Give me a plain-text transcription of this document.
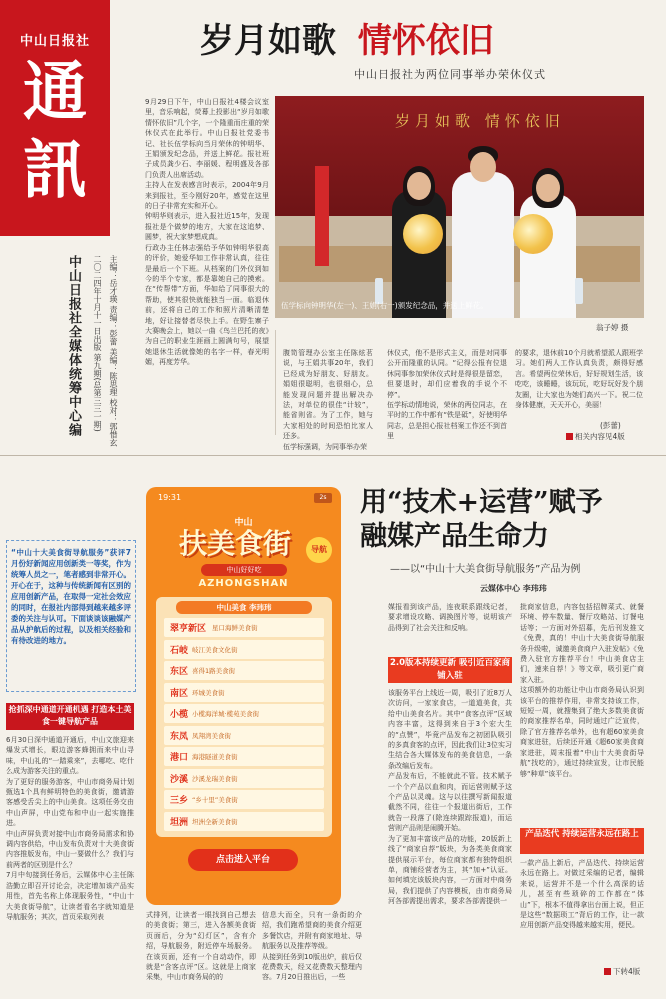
中山日报社
通訊
中山日报社全媒体统筹中心编 二〇二四年十月十一日出版 第九期(总第三三一期) 主编：岳才瑛 责编：彭蕾 美编：陈思理 校对：郭惜玄
岁月如歌 情怀依旧
中山日报社为两位同事举办荣休仪式
9月29日下午，中山日报社4楼会议室里，音乐响起，荧幕上投影出“岁月如歌 情怀依旧”几个字，一个隆重而庄重的荣休仪式在此举行。中山日报社党委书记、社长伍学标向当月荣休的钟明华、王娟颁发纪念品，并送上鲜花。报社班子成员龚少石、李丽媛、程明盛及各部门负责人出席活动。
主持人在发表感言时表示，2004年9月来到报社，至今刚好20年，感觉在这里的日子非常充实和开心。
钟明华则表示，进入报社近15年，发现报社是个做梦的地方，大家在这追梦、圆梦，祝大家梦想成真。
行政办主任林志强给予华如钟明华很高的评价，她爱华如工作非常认真，往往是最后一个下班。从档案的门外仪到如今的半个专家，都是靠她自己的摸索。在“传帮带”方面，华如给了同事很大的帮助，使其很快就能独当一面。临退休前，还将自己的工作和照片清晰清楚地，好让接替者尽快上手。在野生寨子大赛晚会上，她以一曲《鸟兰巴托的夜》为自己的职业生涯画上圆满句号，展望她退休生活就像她的名字一样，春光明媚，再度芳华。
腹笥管理办公室主任陈炫茗说，与王娟共事20年，我们已经成为好朋友、好朋友。娟姐很聪明，也很细心，总能发现问题并提出解决办法，对单位的很佳“计较”，能省则省。为了工作，她与大家相处的时间恐怕比家人还多。
伍学标强调，为同事举办荣
休仪式，他不是形式主义，而是对同事公开而隆重的认同。“记得公报有位退休同事参加荣休仪式时是得很是留恋，但要退时，却们应着我的手说个不停”。
伍学标动情地说，荣休的两位同志，在平时的工作中都有“铁是砥”，好使明华同志，总是担心报社档案工作还不到首里
的要求，退休前10个月就希望派人跟班学习。她们两人工作认真负责，颇得好感言。希望两位荣休后，好好规划生活，该吃吃，该睡睡，该玩玩，吃好玩好发个朋友圈，让大家也为她们高兴一下。祝二位身体健康，天天开心，美丽！
(彭蕾)
相关内容见4版
岁月如歌 情怀依旧
伍学标向钟明华(左一)、王娟(右一)颁发纪念品，并送上鲜花。
翁子婷 摄
“中山十大美食街导航服务”获评7月份好新闻应用创新类一等奖，作为统筹人员之一，笔者感到非常开心。开心在于，这种与传统新闻有区别的应用创新产品，在取得一定社会效应的同时，在报社内部得到越来越多评委的关注与认可。下面谈谈该融媒产品从护航后的过程，以及相关经验和有待改进的地方。
抢抓深中通道开通机遇 打造本土美食一键导航产品
6月30日深中通道开通后，中山文旅迎来爆发式增长，眼边游客蜂拥而来中山寻味，中山礼的“一踏乘来”，去哪吃、吃什么成为游客关注的重点。
为了更好的服务游客，中山市商务局计划甄选1个具有鲜明特色的美食街，邀请游客感受舌尖上的中山美食。这项任务交由中山声屏，中山党布和中山一起实施推进。
中山声屏负责对接中山市商务局需求和协调内容供给，中山发布负责对十大美食街内容推版发布，中山一要做什么？我们与前两者的区别是什么？
7月中旬接到任务后，云媒体中心主任陈浩勤立即召开讨论会，决定增加该产品实用性，首先名称上体现服务性，“中山十大美食街导航”，让读者看名字就知道是导航服务；其次，首页采取列表
19:31	2s
中山
扶美食街	导航
中山好好吃
AZHONGSHAN
中山美食 李玮玮
翠亨新区 星口海鲜美食街
石岐 岐江美食文化街
东区 喜得1路美食街
南区 环城美食街
小榄 小榄海洋城·榄苑美食街
东凤 凤翔湾美食街
港口 海港隧道美食街
沙溪 沙溪龙瑞美食街
三乡 “乡十里”美食街
坦洲 坦洲全新美食街
点击进入平台
用“技术+运营”赋予
融媒产品生命力
——以“中山十大美食街导航服务”产品为例
云媒体中心 李玮玮
式排列，让读者一眼找到自己想去的美食街；第三，进入各额美食街页面后，分为“幻灯区”，含有介绍，导航服务，附近停车场服务。在该页面，还有一个自动动作，即就是“含客点评”区。这就是上商家采集，中山市商务局的的
信息大而全，只有一条街的介绍，我们跑希望商的美食介绍更多餐饮店，并附有商家地址、导航服务以及推荐等级。
从接到任务到10版出炉，前后仅花费数天，经又花费数天整理内容。7月20日推出后，一些
媒报看到该产品，连夜联系跟线记者，要求增设攻略、调换图片等，说明该产品得到了社会关注和反响。
2.0版本持续更新 吸引近百家商铺入驻
该服务平台上线近一周，吸引了近8万人次访问，一家家食店，一道道美食，共给中山美食名片。其中“食客点评”区域内容丰富，这得到来自于3个宏大生的“点赞”，毕竟产品发布之初团队吸引的多真食客的点评，因此我们让3位实习生结合各大媒体发布的美食信息，一条条改编后发布。
产品发布后，不能就此不管。技术赋予一个个产品以血和肉，而运营则赋予这个产品以灵魂。这与以往撰写新闻报道截然不同，往往一个报道出街后，工作就告一段落了(除连续跟踪报道)，而运营则产品则是闹腾开始。
为了更加丰富该产品的功能，20版新上线了“商家自荐”版块，为各类美食商家提供展示平台，每位商家都有独特组织单，商铺经营者为主，其“加+”认证。如何填完该版块内容，一方面对中商务局，我们提供了内容模板，由市商务局河各部需提出需求，要求各部需提供一
批商家信息，内容包括招牌菜式、就餐环境、停车数量、餐厅攻略站、订餐电话等；一方面对外招募，先后刊发推文《免费，真的！中山十大美食街导航服务升级啦，诚邀美食商户入驻发帖》《免费入驻官方推荐平台！中山美食店主们，速来自荐！》等文章，吸引更广商家入驻。
这项额外的功能让中山市商务局认识到该平台的推荐作用，非常支持该工作，短短一周，就搜集到了绝大多数美食街的商家推荐名单，同时通过广泛宣传，除了官方推荐名单外，也有超60家美食商家进驻，后续还开通《超60家美食商家进驻，周末报着“中山十大美食街导航”找吃的》，通过持续宣发，让市民能够“种草”该平台。
产品迭代 持续运营永远在路上
一款产品上新后，产品迭代、持续运营永远在路上。对做过采编的记者，编辑来说，运营并不是一个什么高深的话儿，甚至有些琐碎的工作都在“体山”下，根本不值得拿出台面上说，但正是这些“数据琐工”背后的工作，让一款应用创新产品变得越来越实用，便民。
下转4版
